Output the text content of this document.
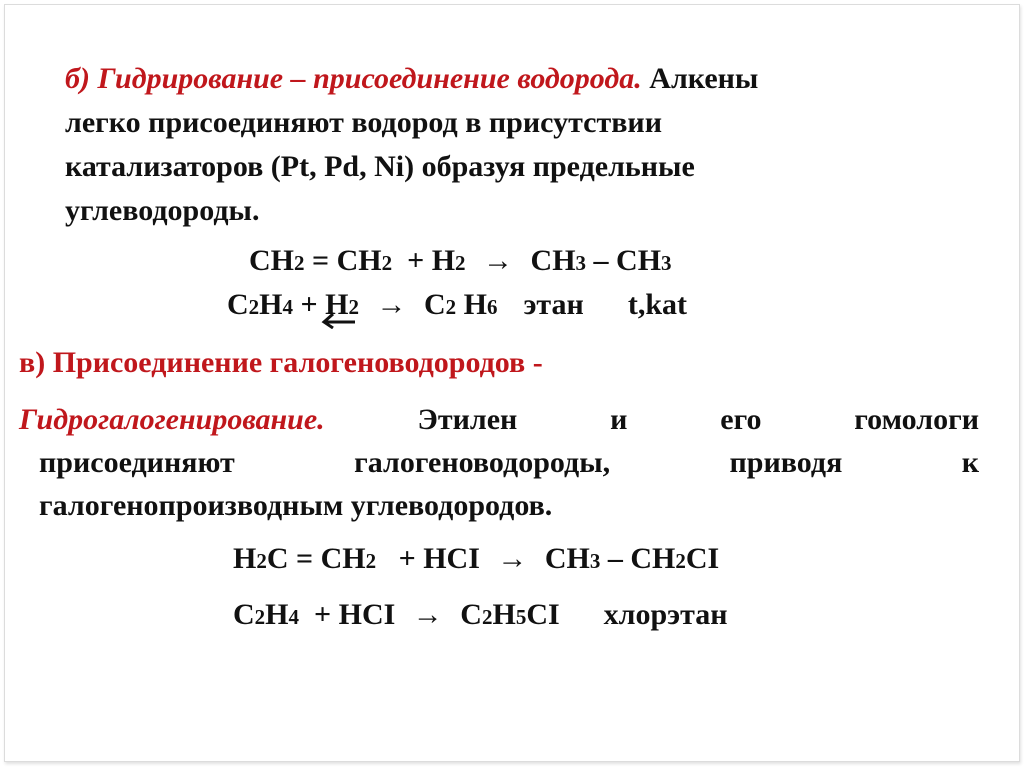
б) Гидрирование – присоединение водорода. Алкены
легко присоединяют водород в присутствии
катализаторов (Pt, Pd, Ni) образуя предельные
углеводороды.
CH2 = CH2  + H2 → CH3 – CH3
C2H4 + H2 → C2 H6 этан t,kat
в) Присоединение галогеноводородов -
Гидрогалогенирование.	Этилен	и	его	гомологи
присоединяют	галогеноводороды,	приводя	к
галогенопроизводным углеводородов.
H2C = CH2   + HCI → CH3 – CH2CI
C2H4  + HCI → C2H5CI хлорэтан
